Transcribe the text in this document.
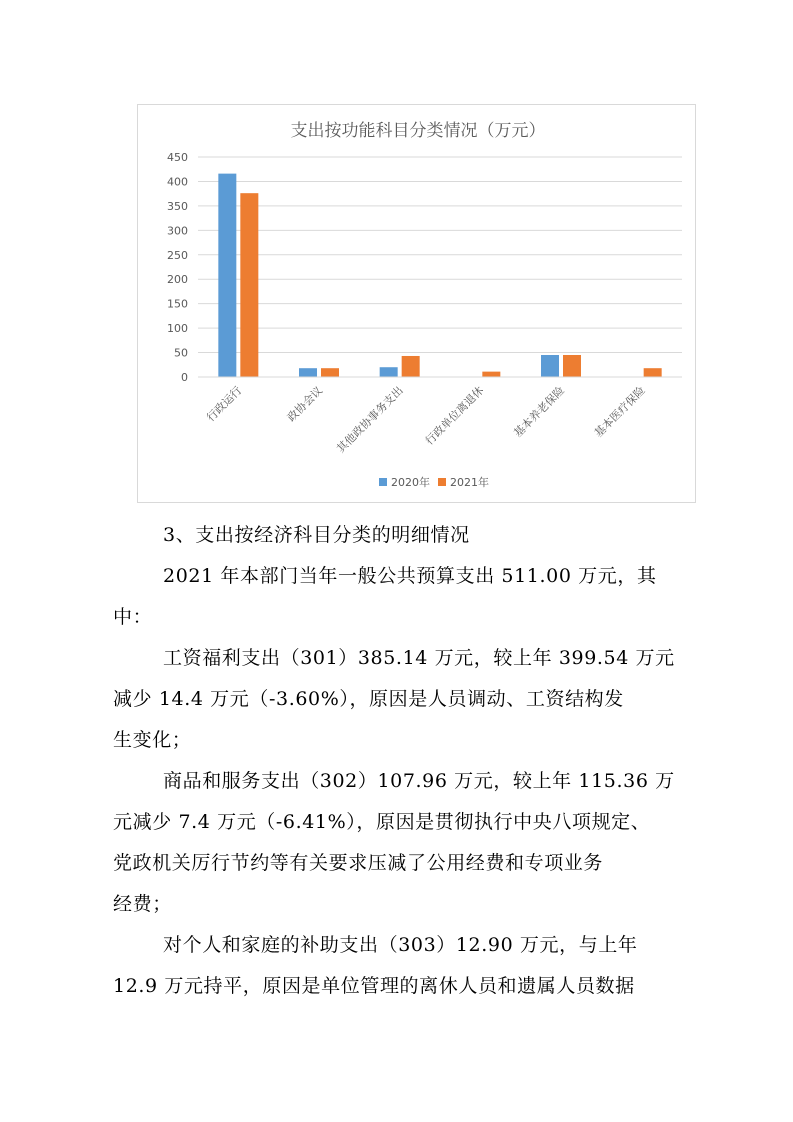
支出按功能科目分类情况（万元）
0
50
100
150
200
250
300
350
400
450
行政运行	政协会议 其他政协事务支出 行政单位离退休 基本养老保险 基本医疗保险
2020年 2021年

3、支出按经济科目分类的明细情况

2021 年本部门当年一般公共预算支出 511.00 万元，其

中：

工资福利支出（301）385.14 万元，较上年 399.54 万元

减少 14.4 万元（-3.60%），原因是人员调动、工资结构发

生变化；

商品和服务支出（302）107.96 万元，较上年 115.36 万

元减少 7.4 万元（-6.41%），原因是贯彻执行中央八项规定、

党政机关厉行节约等有关要求压减了公用经费和专项业务

经费；

对个人和家庭的补助支出（303）12.90 万元，与上年

12.9 万元持平，原因是单位管理的离休人员和遗属人员数据
